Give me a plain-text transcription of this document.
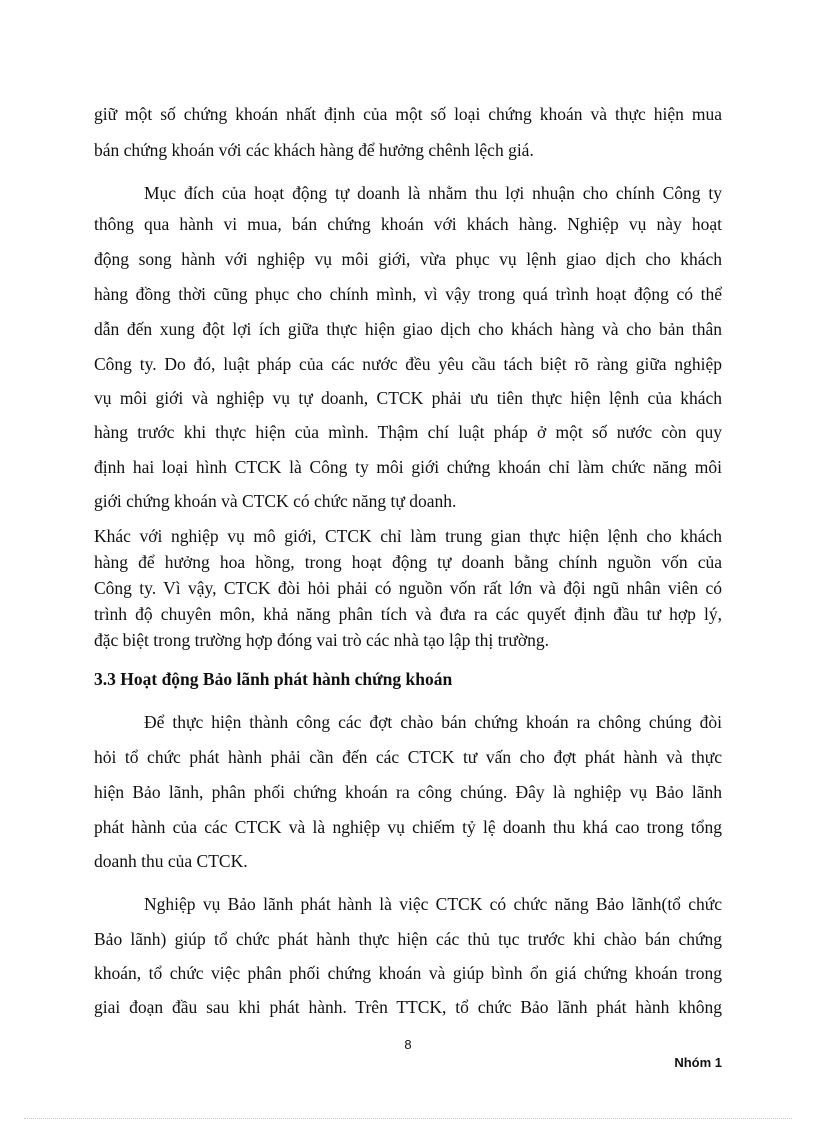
giữ một số chứng khoán nhất định của một số loại chứng khoán và thực hiện mua
bán chứng khoán với các khách hàng để hưởng chênh lệch giá.
Mục đích của hoạt động tự doanh là nhằm thu lợi nhuận cho chính Công ty
thông qua hành vi mua, bán chứng khoán với khách hàng. Nghiệp vụ này hoạt
động song hành với nghiệp vụ môi giới, vừa phục vụ lệnh giao dịch cho khách
hàng đồng thời cũng phục cho chính mình, vì vậy trong quá trình hoạt động có thể
dẫn đến xung đột lợi ích giữa thực hiện giao dịch cho khách hàng và cho bản thân
Công ty. Do đó, luật pháp của các nước đều yêu cầu tách biệt rõ ràng giữa nghiệp
vụ môi giới và nghiệp vụ tự doanh, CTCK phải ưu tiên thực hiện lệnh của khách
hàng trước khi thực hiện của mình. Thậm chí luật pháp ở một số nước còn quy
định hai loại hình CTCK là Công ty môi giới chứng khoán chỉ làm chức năng môi
giới chứng khoán và CTCK có chức năng tự doanh.
Khác với nghiệp vụ mô giới, CTCK chỉ làm trung gian thực hiện lệnh cho khách
hàng để hưởng hoa hồng, trong hoạt động tự doanh bằng chính nguồn vốn của
Công ty. Vì vậy, CTCK đòi hỏi phải có nguồn vốn rất lớn và đội ngũ nhân viên có
trình độ chuyên môn, khả năng phân tích và đưa ra các quyết định đầu tư hợp lý,
đặc biệt trong trường hợp đóng vai trò các nhà tạo lập thị trường.
3.3 Hoạt động Bảo lãnh phát hành chứng khoán
Để thực hiện thành công các đợt chào bán chứng khoán ra chông chúng đòi
hỏi tổ chức phát hành phải cần đến các CTCK tư vấn cho đợt phát hành và thực
hiện Bảo lãnh, phân phối chứng khoán ra công chúng. Đây là nghiệp vụ Bảo lãnh
phát hành của các CTCK và là nghiệp vụ chiếm tỷ lệ doanh thu khá cao trong tổng
doanh thu của CTCK.
Nghiệp vụ Bảo lãnh phát hành là việc CTCK có chức năng Bảo lãnh(tổ chức
Bảo lãnh) giúp tổ chức phát hành thực hiện các thủ tục trước khi chào bán chứng
khoán, tổ chức việc phân phối chứng khoán và giúp bình ổn giá chứng khoán trong
giai đoạn đầu sau khi phát hành. Trên TTCK, tổ chức Bảo lãnh phát hành không
8
Nhóm 1
